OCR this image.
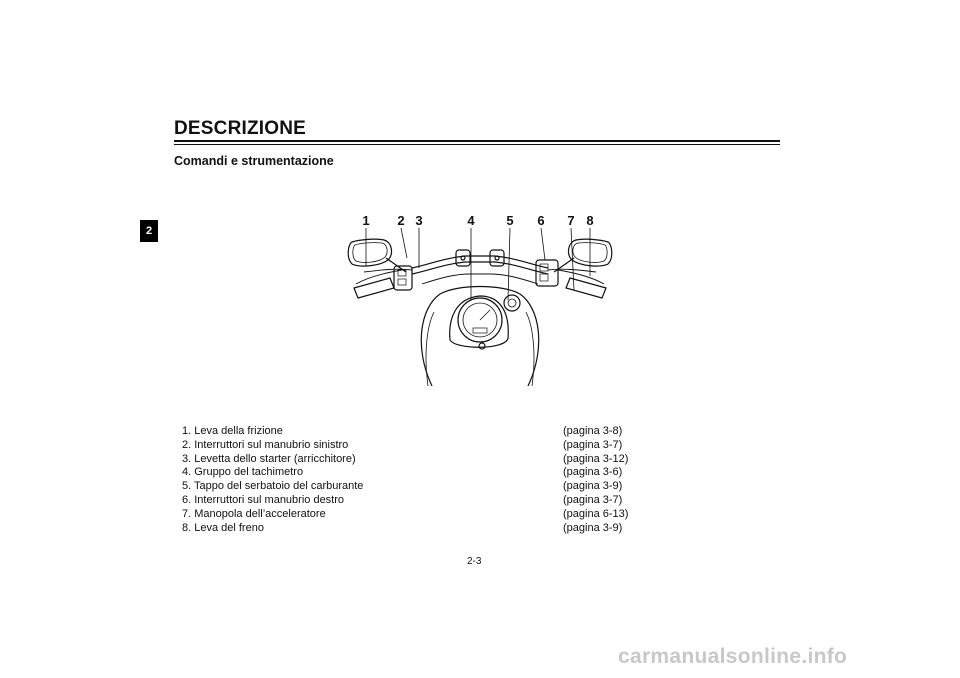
DESCRIZIONE
Comandi e strumentazione
2
1 2 3	4 5 6 7 8
1. Leva della frizione	(pagina 3-8)
2. Interruttori sul manubrio sinistro	(pagina 3-7)
3. Levetta dello starter (arricchitore)	(pagina 3-12)
4. Gruppo del tachimetro	(pagina 3-6)
5. Tappo del serbatoio del carburante	(pagina 3-9)
6. Interruttori sul manubrio destro	(pagina 3-7)
7. Manopola dell’acceleratore	(pagina 6-13)
8. Leva del freno	(pagina 3-9)
2-3
carmanualsonline.info
